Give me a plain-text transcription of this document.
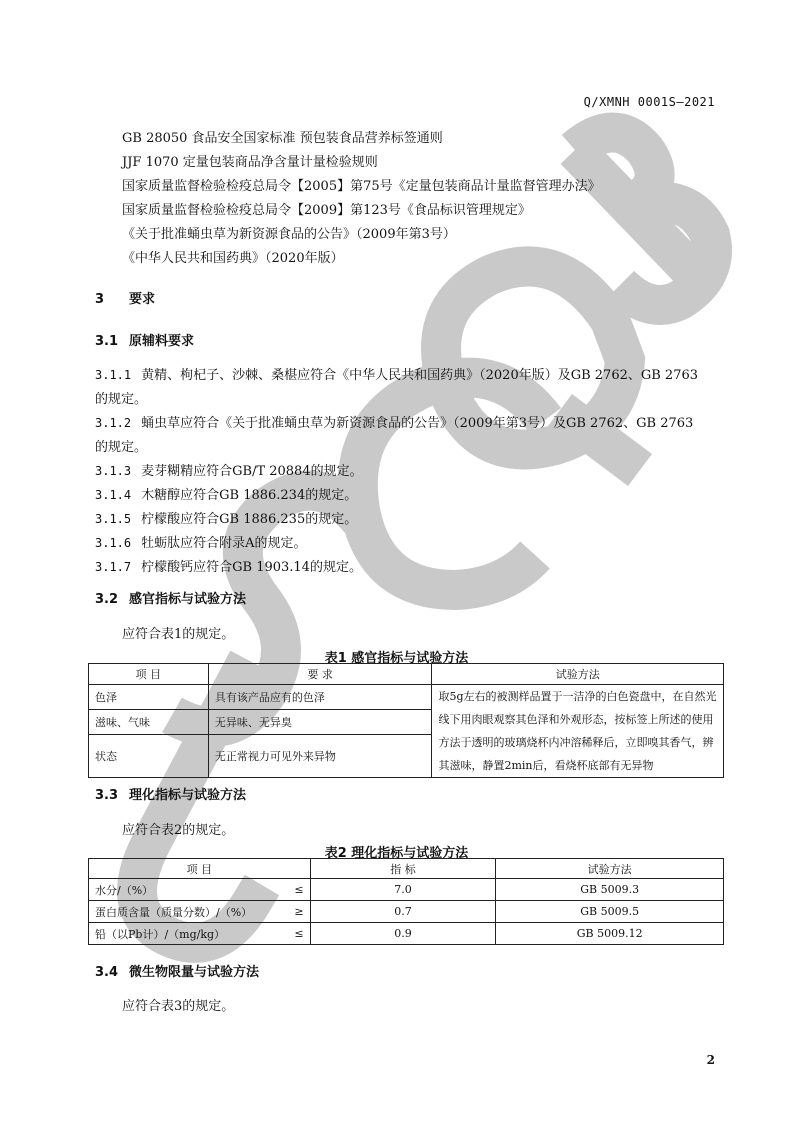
Q/XMNH 0001S—2021
GB 28050 食品安全国家标准 预包装食品营养标签通则
JJF 1070 定量包装商品净含量计量检验规则
国家质量监督检验检疫总局令【2005】第75号《定量包装商品计量监督管理办法》
国家质量监督检验检疫总局令【2009】第123号《食品标识管理规定》
《关于批准蛹虫草为新资源食品的公告》（2009年第3号）
《中华人民共和国药典》（2020年版）
3 要求
3.1 原辅料要求
3.1.1 黄精、枸杞子、沙棘、桑椹应符合《中华人民共和国药典》（2020年版）及GB 2762、GB 2763
的规定。
3.1.2 蛹虫草应符合《关于批准蛹虫草为新资源食品的公告》（2009年第3号）及GB 2762、GB 2763
的规定。
3.1.3 麦芽糊精应符合GB/T 20884的规定。
3.1.4 木糖醇应符合GB 1886.234的规定。
3.1.5 柠檬酸应符合GB 1886.235的规定。
3.1.6 牡蛎肽应符合附录A的规定。
3.1.7 柠檬酸钙应符合GB 1903.14的规定。
3.2 感官指标与试验方法
应符合表1的规定。
表1 感官指标与试验方法
项 目	要 求	试验方法
色泽	具有该产品应有的色泽	取5g左右的被测样品置于一洁净的白色瓷盘中，在自然光线下用肉眼观察其色泽和外观形态，按标签上所述的使用方法于透明的玻璃烧杯内冲溶稀释后，立即嗅其香气，辨其滋味，静置2min后，看烧杯底部有无异物
滋味、气味	无异味、无异臭	
状态	无正常视力可见外来异物	
3.3 理化指标与试验方法
应符合表2的规定。
表2 理化指标与试验方法
项 目		指 标	试验方法
水分/（%）	≤	7.0	GB 5009.3
蛋白质含量（质量分数）/（%）	≥	0.7	GB 5009.5
铅（以Pb计）/（mg/kg）	≤	0.9	GB 5009.12
3.4 微生物限量与试验方法
应符合表3的规定。
2
